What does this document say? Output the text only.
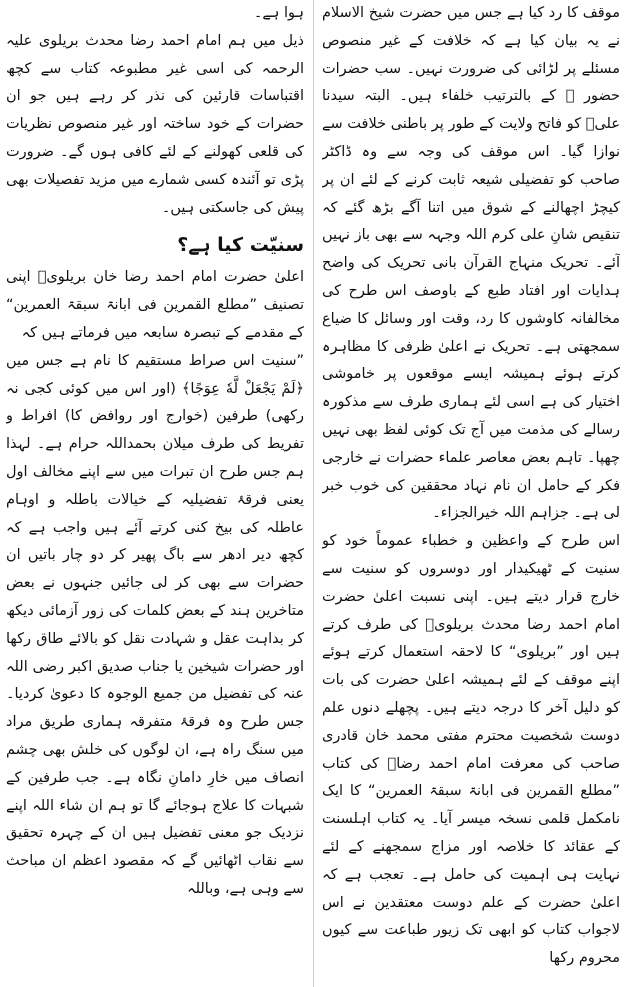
موقف کا رد کیا ہے جس میں حضرت شیخ الاسلام نے یہ بیان کیا ہے کہ خلافت کے غیر منصوص مسئلے پر لڑائی کی ضرورت نہیں۔ سب حضرات حضور ﷺ کے بالترتیب خلفاء ہیں۔ البتہ سیدنا علیؓ کو فاتح ولایت کے طور پر باطنی خلافت سے نوازا گیا۔ اس موقف کی وجہ سے وہ ڈاکٹر صاحب کو تفضیلی شیعہ ثابت کرنے کے لئے ان پر کیچڑ اچھالنے کے شوق میں اتنا آگے بڑھ گئے کہ تنقیص شانِ علی کرم اللہ وجہہ سے بھی باز نہیں آئے۔ تحریک منہاج القرآن بانی تحریک کی واضح ہدایات اور افتاد طبع کے باوصف اس طرح کی مخالفانہ کاوشوں کا رد، وقت اور وسائل کا ضیاع سمجھتی ہے۔ تحریک نے اعلیٰ ظرفی کا مظاہرہ کرتے ہوئے ہمیشہ ایسے موقعوں پر خاموشی اختیار کی ہے اسی لئے ہماری طرف سے مذکورہ رسالے کی مذمت میں آج تک کوئی لفظ بھی نہیں چھپا۔ تاہم بعض معاصر علماء حضرات نے خارجی فکر کے حامل ان نام نہاد محققین کی خوب خبر لی ہے۔ جزاہم اللہ خیرالجزاء۔

اس طرح کے واعظین و خطباء عموماً خود کو سنیت کے ٹھیکیدار اور دوسروں کو سنیت سے خارج قرار دیتے ہیں۔ اپنی نسبت اعلیٰ حضرت امام احمد رضا محدث بریلویؒ کی طرف کرتے ہیں اور ”بریلوی“ کا لاحقہ استعمال کرتے ہوئے اپنے موقف کے لئے ہمیشہ اعلیٰ حضرت کی بات کو دلیل آخر کا درجہ دیتے ہیں۔ پچھلے دنوں علم دوست شخصیت محترم مفتی محمد خان قادری صاحب کی معرفت امام احمد رضاؒ کی کتاب ”مطلع القمرین فی ابانۃ سبقۃ العمرین“ کا ایک نامکمل قلمی نسخہ میسر آیا۔ یہ کتاب اہلسنت کے عقائد کا خلاصہ اور مزاج سمجھنے کے لئے نہایت ہی اہمیت کی حامل ہے۔ تعجب ہے کہ اعلیٰ حضرت کے علم دوست معتقدین نے اس لاجواب کتاب کو ابھی تک زیور طباعت سے کیوں محروم رکھا

ہوا ہے۔

ذیل میں ہم امام احمد رضا محدث بریلوی علیہ الرحمہ کی اسی غیر مطبوعہ کتاب سے کچھ اقتباسات قارئین کی نذر کر رہے ہیں جو ان حضرات کے خود ساختہ اور غیر منصوص نظریات کی قلعی کھولنے کے لئے کافی ہوں گے۔ ضرورت پڑی تو آئندہ کسی شمارے میں مزید تفصیلات بھی پیش کی جاسکتی ہیں۔

سنیّت کیا ہے؟

اعلیٰ حضرت امام احمد رضا خان بریلویؒ اپنی تصنیف ”مطلع القمرین فی ابانۃ سبقۃ العمرین“ کے مقدمے کے تبصرہ سابعہ میں فرماتے ہیں کہ

”سنیت اس صراط مستقیم کا نام ہے جس میں ﴿لَمْ یَجْعَلْ لَّهٗ عِوَجًا﴾ (اور اس میں کوئی کجی نہ رکھی) طرفین (خوارج اور روافض کا) افراط و تفریط کی طرف میلان بحمداللہ حرام ہے۔ لہذا ہم جس طرح ان تبرات میں سے اپنے مخالف اول یعنی فرقۂ تفضیلیہ کے خیالات باطلہ و اوہام عاطلہ کی بیخ کنی کرتے آئے ہیں واجب ہے کہ کچھ دیر ادھر سے باگ پھیر کر دو چار باتیں ان حضرات سے بھی کر لی جائیں جنہوں نے بعض متاخرین ہند کے بعض کلمات کی زور آزمائی دیکھ کر بداہت عقل و شہادت نقل کو بالائے طاق رکھا اور حضرات شیخین یا جناب صدیق اکبر رضی اللہ عنہ کی تفضیل من جمیع الوجوہ کا دعویٰ کردیا۔ جس طرح وہ فرقۂ متفرقہ ہماری طریق مراد میں سنگ راہ ہے، ان لوگوں کی خلش بھی چشم انصاف میں خارِ دامانِ نگاہ ہے۔ جب طرفین کے شبہات کا علاج ہوجائے گا تو ہم ان شاء اللہ اپنے نزدیک جو معنی تفضیل ہیں ان کے چہرہ تحقیق سے نقاب اٹھائیں گے کہ مقصود اعظم ان مباحث سے وہی ہے، وباللہ
